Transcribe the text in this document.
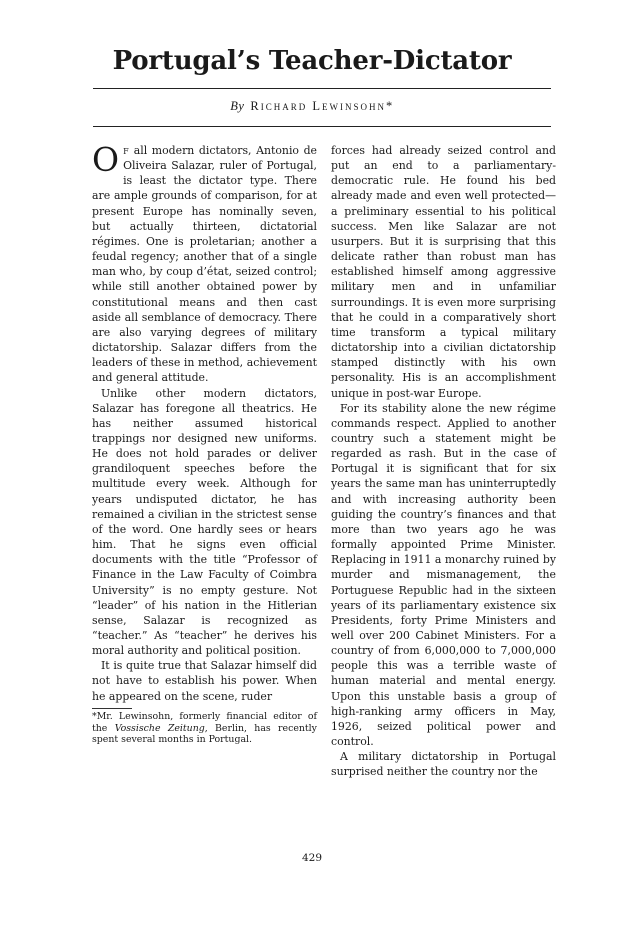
Portugal’s Teacher-Dictator
By Richard Lewinsohn*

Of all modern dictators, Antonio de Oliveira Salazar, ruler of Portugal, is least the dictator type. There are ample grounds of comparison, for at present Europe has nominally seven, but actually thirteen, dictatorial régimes. One is proletarian; another a feudal regency; another that of a single man who, by coup d’état, seized control; while still another obtained power by constitutional means and then cast aside all semblance of democracy. There are also varying degrees of military dictatorship. Salazar differs from the leaders of these in method, achievement and general attitude.

Unlike other modern dictators, Salazar has foregone all theatrics. He has neither assumed historical trappings nor designed new uniforms. He does not hold parades or deliver grandiloquent speeches before the multitude every week. Although for years undisputed dictator, he has remained a civilian in the strictest sense of the word. One hardly sees or hears him. That he signs even official documents with the title “Professor of Finance in the Law Faculty of Coimbra University” is no empty gesture. Not “leader” of his nation in the Hitlerian sense, Salazar is recognized as “teacher.” As “teacher” he derives his moral authority and political position.

It is quite true that Salazar himself did not have to establish his power. When he appeared on the scene, ruder

*Mr. Lewinsohn, formerly financial editor of the Vossische Zeitung, Berlin, has recently spent several months in Portugal.

forces had already seized control and put an end to a parliamentary-democratic rule. He found his bed already made and even well protected—a preliminary essential to his political success. Men like Salazar are not usurpers. But it is surprising that this delicate rather than robust man has established himself among aggressive military men and in unfamiliar surroundings. It is even more surprising that he could in a comparatively short time transform a typical military dictatorship into a civilian dictatorship stamped distinctly with his own personality. His is an accomplishment unique in post-war Europe.

For its stability alone the new régime commands respect. Applied to another country such a statement might be regarded as rash. But in the case of Portugal it is significant that for six years the same man has uninterruptedly and with increasing authority been guiding the country’s finances and that more than two years ago he was formally appointed Prime Minister. Replacing in 1911 a monarchy ruined by murder and mismanagement, the Portuguese Republic had in the sixteen years of its parliamentary existence six Presidents, forty Prime Ministers and well over 200 Cabinet Ministers. For a country of from 6,000,000 to 7,000,000 people this was a terrible waste of human material and mental energy. Upon this unstable basis a group of high-ranking army officers in May, 1926, seized political power and control.

A military dictatorship in Portugal surprised neither the country nor the

429
